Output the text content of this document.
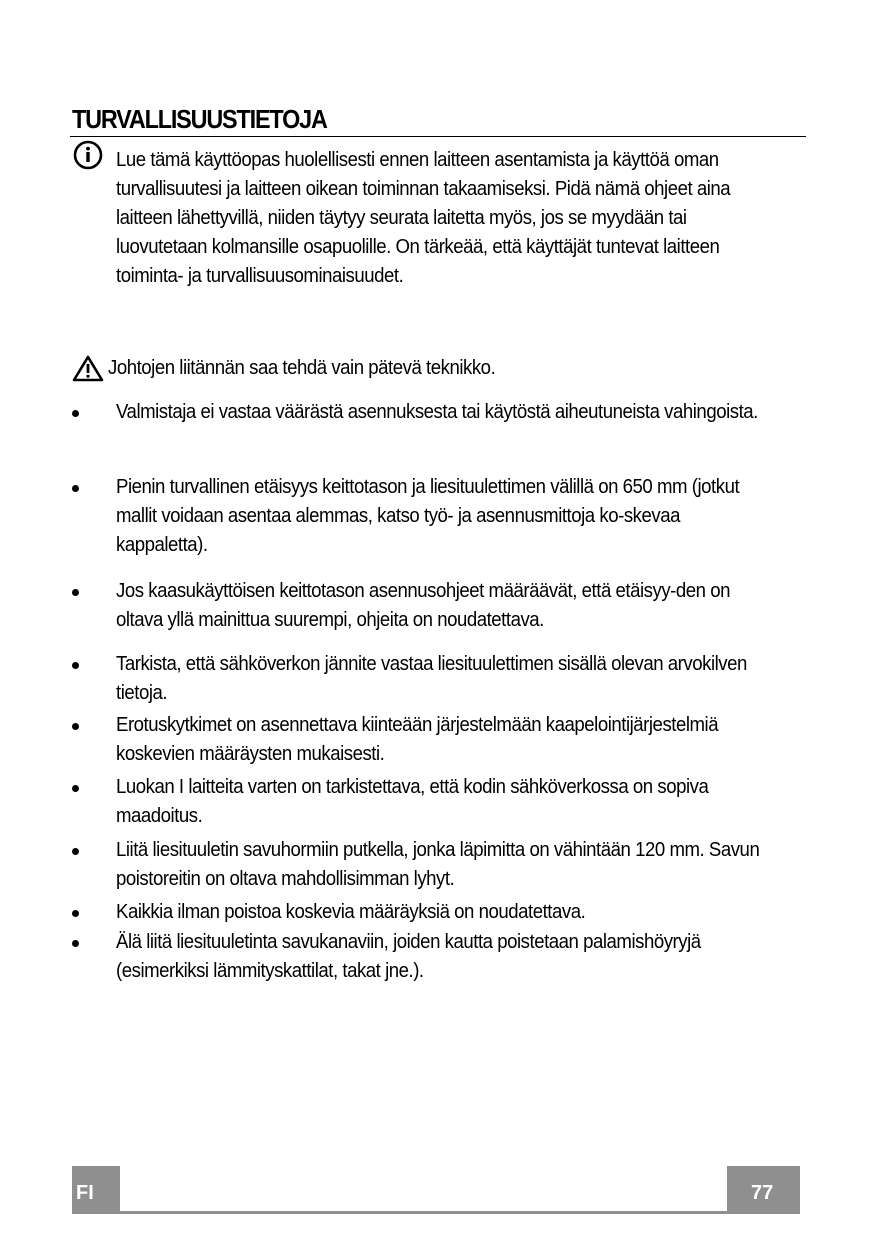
TURVALLISUUSTIETOJA
Lue tämä käyttöopas huolellisesti ennen laitteen asentamista ja käyttöä oman turvallisuutesi ja laitteen oikean toiminnan takaamiseksi. Pidä nämä ohjeet aina laitteen lähettyvillä, niiden täytyy seurata laitetta myös, jos se myydään tai luovutetaan kolmansille osapuolille. On tärkeää, että käyttäjät tuntevat laitteen toiminta- ja turvallisuusominaisuudet.
Johtojen liitännän saa tehdä vain pätevä teknikko.
Valmistaja ei vastaa väärästä asennuksesta tai käytöstä aiheutuneista vahingoista.
Pienin turvallinen etäisyys keittotason ja liesituulettimen välillä on 650 mm (jotkut mallit voidaan asentaa alemmas, katso työ- ja asennusmittoja ko-skevaa kappaletta).
Jos kaasukäyttöisen keittotason asennusohjeet määräävät, että etäisyy-den on oltava yllä mainittua suurempi, ohjeita on noudatettava.
Tarkista, että sähköverkon jännite vastaa liesituulettimen sisällä olevan arvokilven tietoja.
Erotuskytkimet on asennettava kiinteään järjestelmään kaapelointijärjestelmiä koskevien määräysten mukaisesti.
Luokan I laitteita varten on tarkistettava, että kodin sähköverkossa on sopiva maadoitus.
Liitä liesituuletin savuhormiin putkella, jonka läpimitta on vähintään 120 mm. Savun poistoreitin on oltava mahdollisimman lyhyt.
Kaikkia ilman poistoa koskevia määräyksiä on noudatettava.
Älä liitä liesituuletinta savukanaviin, joiden kautta poistetaan palamishöyryjä (esimerkiksi lämmityskattilat, takat jne.).
FI	77
